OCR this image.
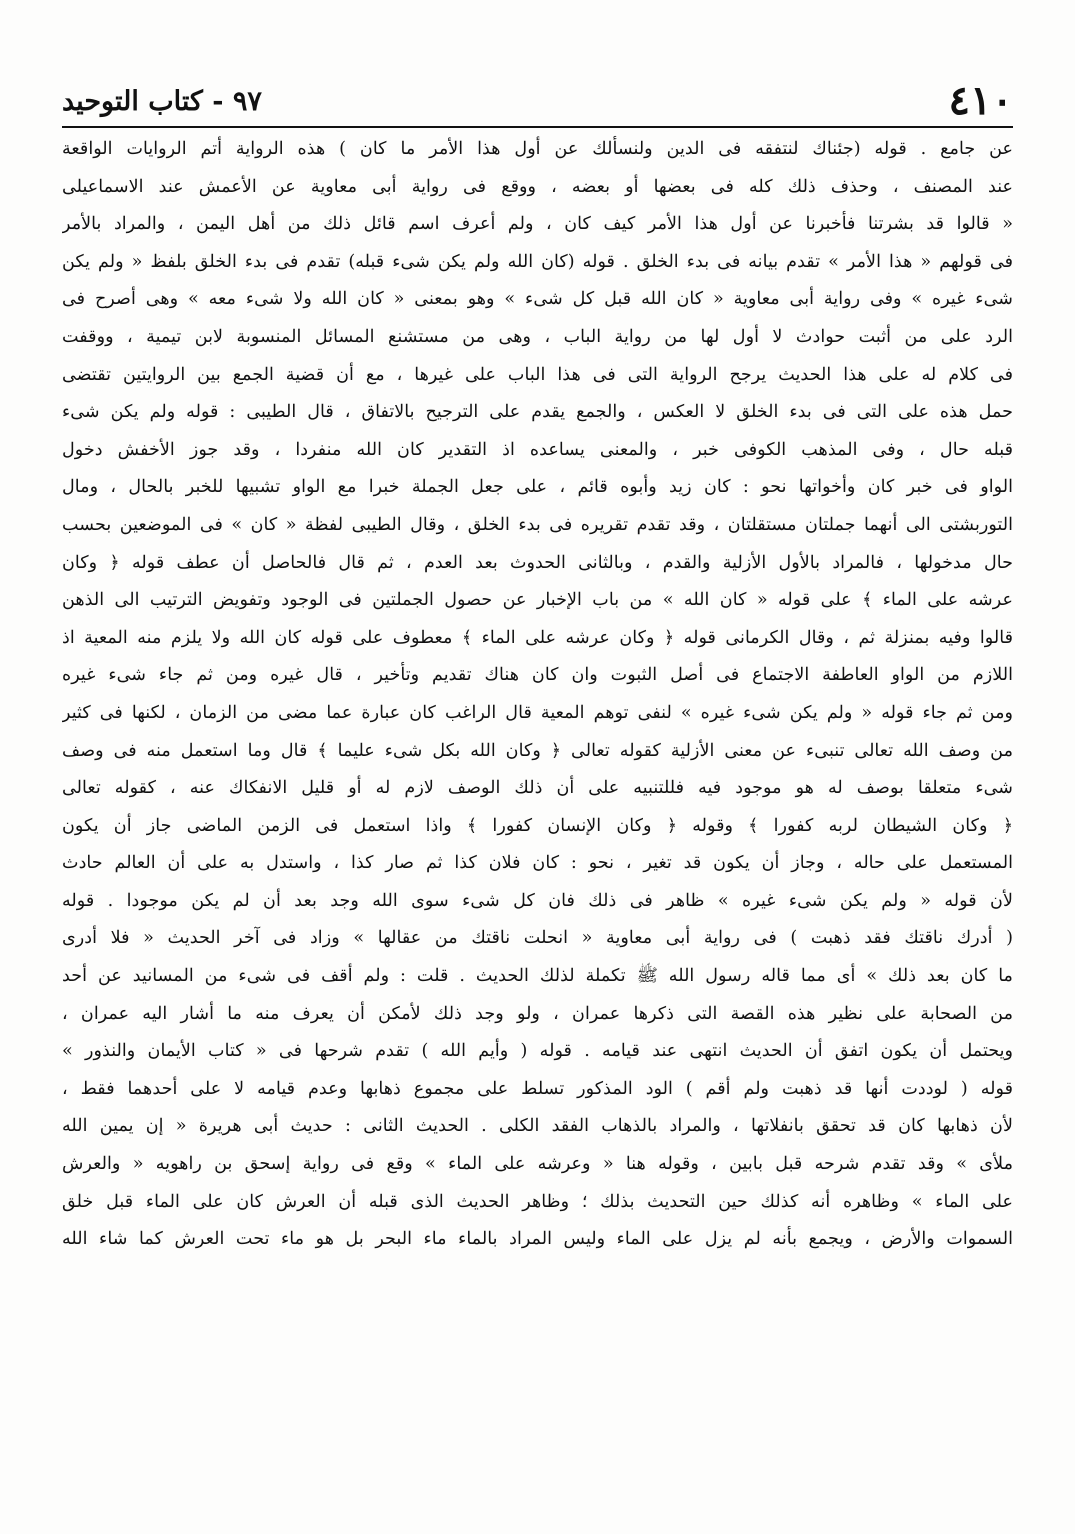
٤١٠
٩٧ - كتاب التوحيد
عن جامع . قوله (جئناك لنتفقه فى الدين ولنسألك عن أول هذا الأمر ما كان ) هذه الرواية أتم الروايات الواقعة
عند المصنف ، وحذف ذلك كله فى بعضها أو بعضه ، ووقع فى رواية أبى معاوية عن الأعمش عند الاسماعيلى
« قالوا قد بشرتنا فأخبرنا عن أول هذا الأمر كيف كان ، ولم أعرف اسم قائل ذلك من أهل اليمن ، والمراد بالأمر
فى قولهم « هذا الأمر » تقدم بيانه فى بدء الخلق . قوله (كان الله ولم يكن شىء قبله) تقدم فى بدء الخلق بلفظ « ولم يكن
شىء غيره » وفى رواية أبى معاوية « كان الله قبل كل شىء » وهو بمعنى « كان الله ولا شىء معه » وهى أصرح فى
الرد على من أثبت حوادث لا أول لها من رواية الباب ، وهى من مستشنع المسائل المنسوبة لابن تيمية ، ووقفت
فى كلام له على هذا الحديث يرجح الرواية التى فى هذا الباب على غيرها ، مع أن قضية الجمع بين الروايتين تقتضى
حمل هذه على التى فى بدء الخلق لا العكس ، والجمع يقدم على الترجيح بالاتفاق ، قال الطيبى : قوله ولم يكن شىء
قبله حال ، وفى المذهب الكوفى خبر ، والمعنى يساعده اذ التقدير كان الله منفردا ، وقد جوز الأخفش دخول
الواو فى خبر كان وأخواتها نحو : كان زيد وأبوه قائم ، على جعل الجملة خبرا مع الواو تشبيها للخبر بالحال ، ومال
التوربشتى الى أنهما جملتان مستقلتان ، وقد تقدم تقريره فى بدء الخلق ، وقال الطيبى لفظة « كان » فى الموضعين بحسب
حال مدخولها ، فالمراد بالأول الأزلية والقدم ، وبالثانى الحدوث بعد العدم ، ثم قال فالحاصل أن عطف قوله ﴿ وكان
عرشه على الماء ﴾ على قوله « كان الله » من باب الإخبار عن حصول الجملتين فى الوجود وتفويض الترتيب الى الذهن
قالوا وفيه بمنزلة ثم ، وقال الكرمانى قوله ﴿ وكان عرشه على الماء ﴾ معطوف على قوله كان الله ولا يلزم منه المعية اذ
اللازم من الواو العاطفة الاجتماع فى أصل الثبوت وان كان هناك تقديم وتأخير ، قال غيره ومن ثم جاء شىء غيره
ومن ثم جاء قوله « ولم يكن شىء غيره » لنفى توهم المعية قال الراغب كان عبارة عما مضى من الزمان ، لكنها فى كثير
من وصف الله تعالى تنبىء عن معنى الأزلية كقوله تعالى ﴿ وكان الله بكل شىء عليما ﴾ قال وما استعمل منه فى وصف
شىء متعلقا بوصف له هو موجود فيه فللتنبيه على أن ذلك الوصف لازم له أو قليل الانفكاك عنه ، كقوله تعالى
﴿ وكان الشيطان لربه كفورا ﴾ وقوله ﴿ وكان الإنسان كفورا ﴾ واذا استعمل فى الزمن الماضى جاز أن يكون
المستعمل على حاله ، وجاز أن يكون قد تغير ، نحو : كان فلان كذا ثم صار كذا ، واستدل به على أن العالم حادث
لأن قوله « ولم يكن شىء غيره » ظاهر فى ذلك فان كل شىء سوى الله وجد بعد أن لم يكن موجودا . قوله
( أدرك ناقتك فقد ذهبت ) فى رواية أبى معاوية « انحلت ناقتك من عقالها » وزاد فى آخر الحديث « فلا أدرى
ما كان بعد ذلك » أى مما قاله رسول الله ﷺ تكملة لذلك الحديث . قلت : ولم أقف فى شىء من المسانيد عن أحد
من الصحابة على نظير هذه القصة التى ذكرها عمران ، ولو وجد ذلك لأمكن أن يعرف منه ما أشار اليه عمران ،
ويحتمل أن يكون اتفق أن الحديث انتهى عند قيامه . قوله ( وأيم الله ) تقدم شرحها فى « كتاب الأيمان والنذور »
قوله ( لوددت أنها قد ذهبت ولم أقم ) الود المذكور تسلط على مجموع ذهابها وعدم قيامه لا على أحدهما فقط ،
لأن ذهابها كان قد تحقق بانفلاتها ، والمراد بالذهاب الفقد الكلى . الحديث الثانى : حديث أبى هريرة « إن يمين الله
ملأى » وقد تقدم شرحه قبل بابين ، وقوله هنا « وعرشه على الماء » وقع فى رواية إسحق بن راهويه « والعرش
على الماء » وظاهره أنه كذلك حين التحديث بذلك ؛ وظاهر الحديث الذى قبله أن العرش كان على الماء قبل خلق
السموات والأرض ، ويجمع بأنه لم يزل على الماء وليس المراد بالماء ماء البحر بل هو ماء تحت العرش كما شاء الله
